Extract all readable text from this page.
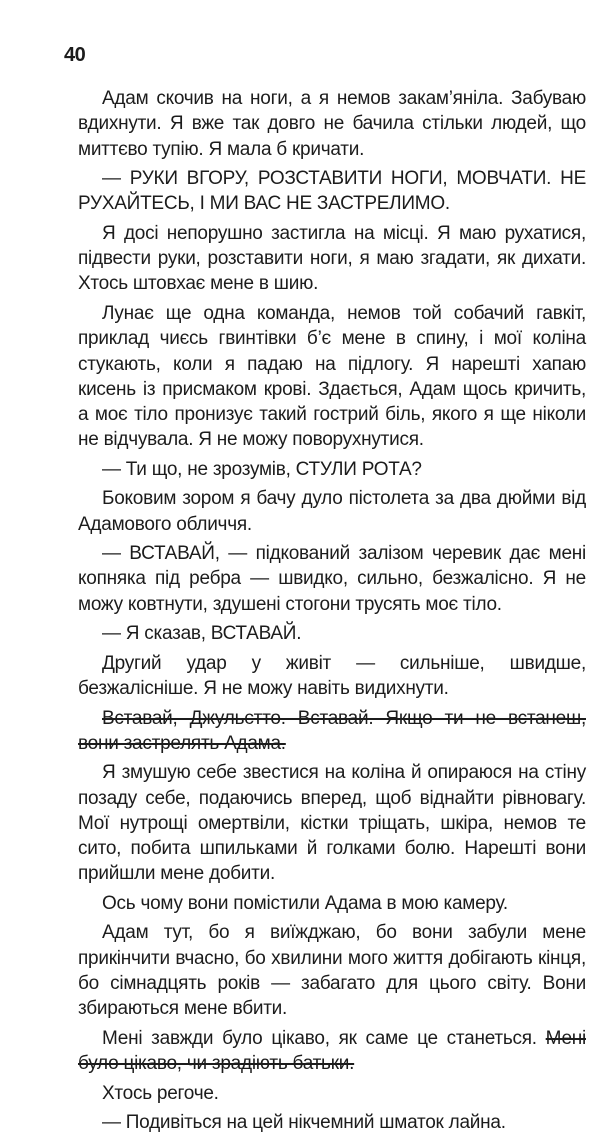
40

Адам скочив на ноги, а я немов закам’яніла. Забуваю вдихнути. Я вже так довго не бачила стільки людей, що миттєво тупію. Я мала б кричати.

— РУКИ ВГОРУ, РОЗСТАВИТИ НОГИ, МОВЧАТИ. НЕ РУХАЙТЕСЬ, І МИ ВАС НЕ ЗАСТРЕЛИМО.

Я досі непорушно застигла на місці. Я маю рухатися, підвести руки, розставити ноги, я маю згадати, як дихати. Хтось штовхає мене в шию.

Лунає ще одна команда, немов той собачий гавкіт, приклад чиєсь гвинтівки б’є мене в спину, і мої коліна стукають, коли я падаю на підлогу. Я нарешті хапаю кисень із присмаком крові. Здається, Адам щось кричить, а моє тіло пронизує такий гострий біль, якого я ще ніколи не відчувала. Я не можу поворухнутися.

— Ти що, не зрозумів, СТУЛИ РОТА?

Боковим зором я бачу дуло пістолета за два дюйми від Адамового обличчя.

— ВСТАВАЙ, — підкований залізом черевик дає мені копняка під ребра — швидко, сильно, безжалісно. Я не можу ковтнути, здушені стогони трусять моє тіло.

— Я сказав, ВСТАВАЙ.

Другий удар у живіт — сильніше, швидше, безжалісніше. Я не можу навіть видихнути.

Вставай, Джульєтто. Вставай. Якщо ти не встанеш, вони застрелять Адама.

Я змушую себе звестися на коліна й опираюся на стіну позаду себе, подаючись вперед, щоб віднайти рівновагу. Мої нутрощі омертвіли, кістки тріщать, шкіра, немов те сито, побита шпильками й голками болю. Нарешті вони прийшли мене добити.

Ось чому вони помістили Адама в мою камеру.

Адам тут, бо я виїжджаю, бо вони забули мене прикінчити вчасно, бо хвилини мого життя добігають кінця, бо сімнадцять років — забагато для цього світу. Вони збираються мене вбити.

Мені завжди було цікаво, як саме це станеться. Мені було цікаво, чи зрадіють батьки.

Хтось регоче.

— Подивіться на цей нікчемний шматок лайна.
